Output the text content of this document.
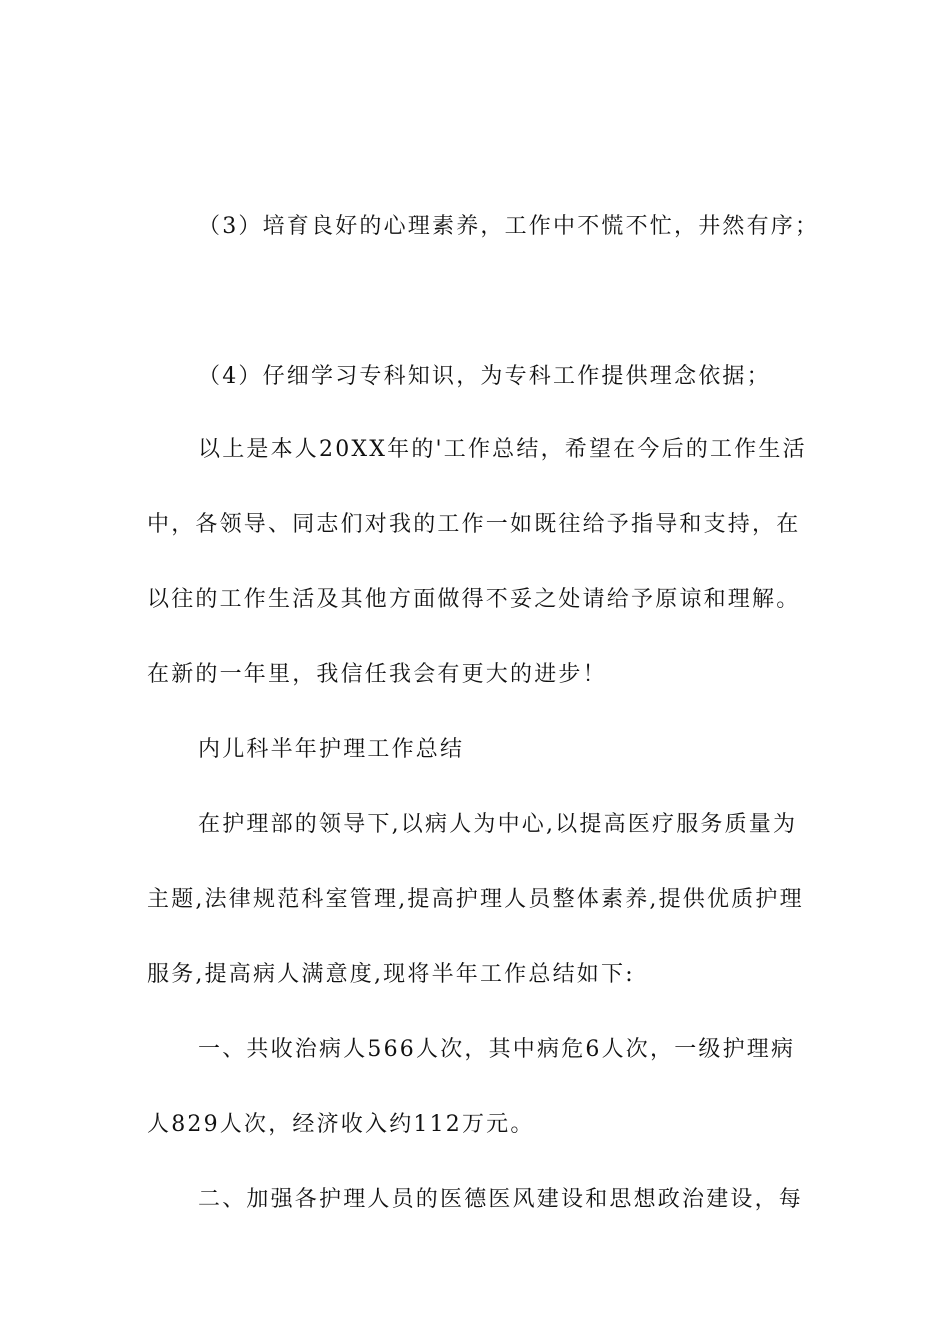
（3）培育良好的心理素养，工作中不慌不忙，井然有序；
（4）仔细学习专科知识，为专科工作提供理念依据；
以上是本人20XX年的'工作总结，希望在今后的工作生活
中，各领导、同志们对我的工作一如既往给予指导和支持，在
以往的工作生活及其他方面做得不妥之处请给予原谅和理解。
在新的一年里，我信任我会有更大的进步！
内儿科半年护理工作总结
在护理部的领导下,以病人为中心,以提高医疗服务质量为
主题,法律规范科室管理,提高护理人员整体素养,提供优质护理
服务,提高病人满意度,现将半年工作总结如下:
一、共收治病人566人次，其中病危6人次，一级护理病
人829人次，经济收入约112万元。
二、加强各护理人员的医德医风建设和思想政治建设，每
